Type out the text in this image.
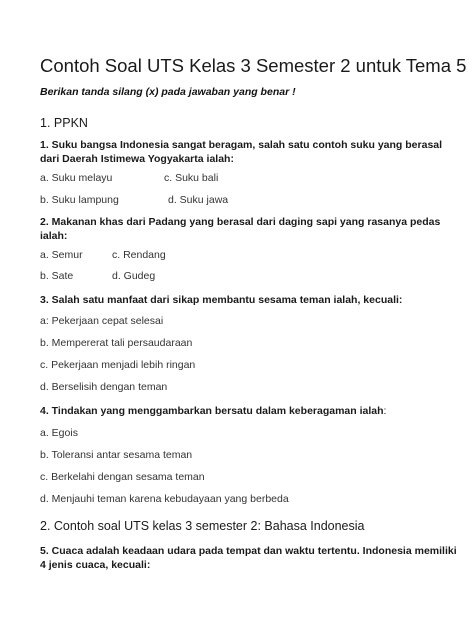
Contoh Soal UTS Kelas 3 Semester 2 untuk Tema 5
Berikan tanda silang (x) pada jawaban yang benar !
1. PPKN
1. Suku bangsa Indonesia sangat beragam, salah satu contoh suku yang berasal dari Daerah Istimewa Yogyakarta ialah:
a. Suku melayu	c. Suku bali
b. Suku lampung	d. Suku jawa
2. Makanan khas dari Padang yang berasal dari daging sapi yang rasanya pedas ialah:
a. Semur	c. Rendang
b. Sate	d. Gudeg
3. Salah satu manfaat dari sikap membantu sesama teman ialah, kecuali:
a: Pekerjaan cepat selesai
b. Mempererat tali persaudaraan
c. Pekerjaan menjadi lebih ringan
d. Berselisih dengan teman
4. Tindakan yang menggambarkan bersatu dalam keberagaman ialah:
a. Egois
b. Toleransi antar sesama teman
c. Berkelahi dengan sesama teman
d. Menjauhi teman karena kebudayaan yang berbeda
2. Contoh soal UTS kelas 3 semester 2: Bahasa Indonesia
5. Cuaca adalah keadaan udara pada tempat dan waktu tertentu. Indonesia memiliki 4 jenis cuaca, kecuali:
